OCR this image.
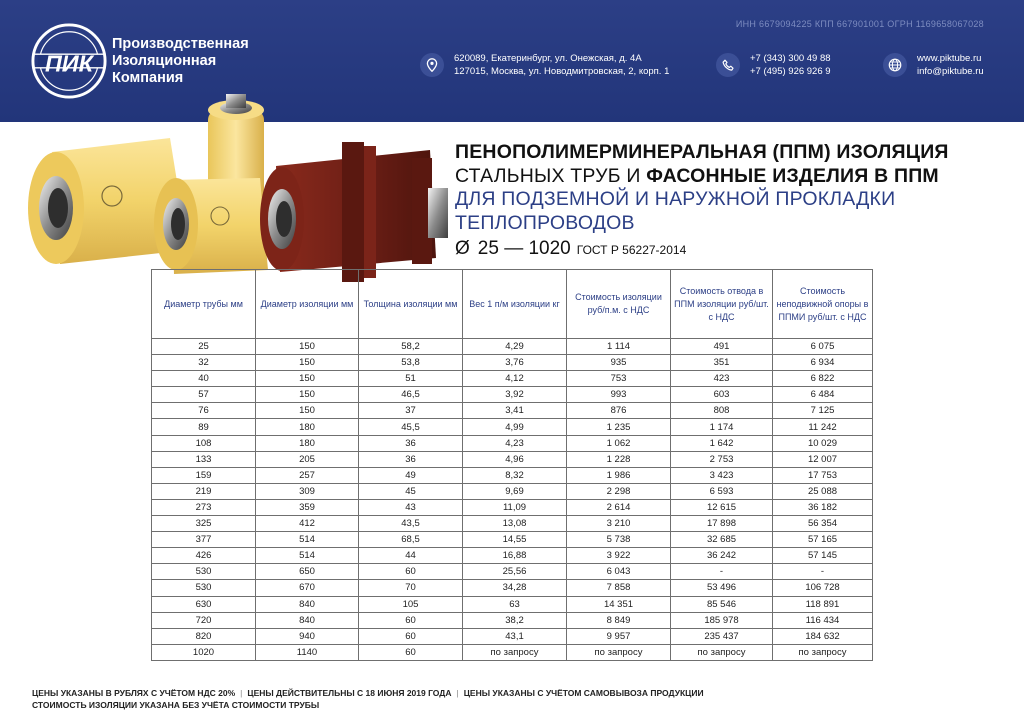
ИНН 6679094225 КПП 667901001 ОГРН 1169658067028
ПИК
Производственная
Изоляционная
Компания
620089, Екатеринбург, ул. Онежская, д. 4А
127015, Москва, ул. Новодмитровская, 2, корп. 1
+7 (343) 300 49 88
+7 (495) 926 926 9
www.piktube.ru
info@piktube.ru
ПЕНОПОЛИМЕРМИНЕРАЛЬНАЯ (ППМ) ИЗОЛЯЦИЯ
СТАЛЬНЫХ ТРУБ И ФАСОННЫЕ ИЗДЕЛИЯ В ППМ
ДЛЯ ПОДЗЕМНОЙ И НАРУЖНОЙ ПРОКЛАДКИ
ТЕПЛОПРОВОДОВ
Ø 25 — 1020 ГОСТ Р 56227-2014
Диаметр трубы мм	Диаметр изоляции мм	Толщина изоляции мм	Вес 1 п/м изоляции кг	Стоимость изоляции руб/п.м. с НДС	Стоимость отвода в ППМ изоляции руб/шт. с НДС	Стоимость неподвижной опоры в ППМИ руб/шт. с НДС
25	150	58,2	4,29	1 114	491	6 075
32	150	53,8	3,76	935	351	6 934
40	150	51	4,12	753	423	6 822
57	150	46,5	3,92	993	603	6 484
76	150	37	3,41	876	808	7 125
89	180	45,5	4,99	1 235	1 174	11 242
108	180	36	4,23	1 062	1 642	10 029
133	205	36	4,96	1 228	2 753	12 007
159	257	49	8,32	1 986	3 423	17 753
219	309	45	9,69	2 298	6 593	25 088
273	359	43	11,09	2 614	12 615	36 182
325	412	43,5	13,08	3 210	17 898	56 354
377	514	68,5	14,55	5 738	32 685	57 165
426	514	44	16,88	3 922	36 242	57 145
530	650	60	25,56	6 043	-	-
530	670	70	34,28	7 858	53 496	106 728
630	840	105	63	14 351	85 546	118 891
720	840	60	38,2	8 849	185 978	116 434
820	940	60	43,1	9 957	235 437	184 632
1020	1140	60	по запросу	по запросу	по запросу	по запросу
ЦЕНЫ УКАЗАНЫ В РУБЛЯХ С УЧЁТОМ НДС 20% | ЦЕНЫ ДЕЙСТВИТЕЛЬНЫ С 18 ИЮНЯ 2019 ГОДА | ЦЕНЫ УКАЗАНЫ С УЧЁТОМ САМОВЫВОЗА ПРОДУКЦИИ
СТОИМОСТЬ ИЗОЛЯЦИИ УКАЗАНА БЕЗ УЧЁТА СТОИМОСТИ ТРУБЫ
